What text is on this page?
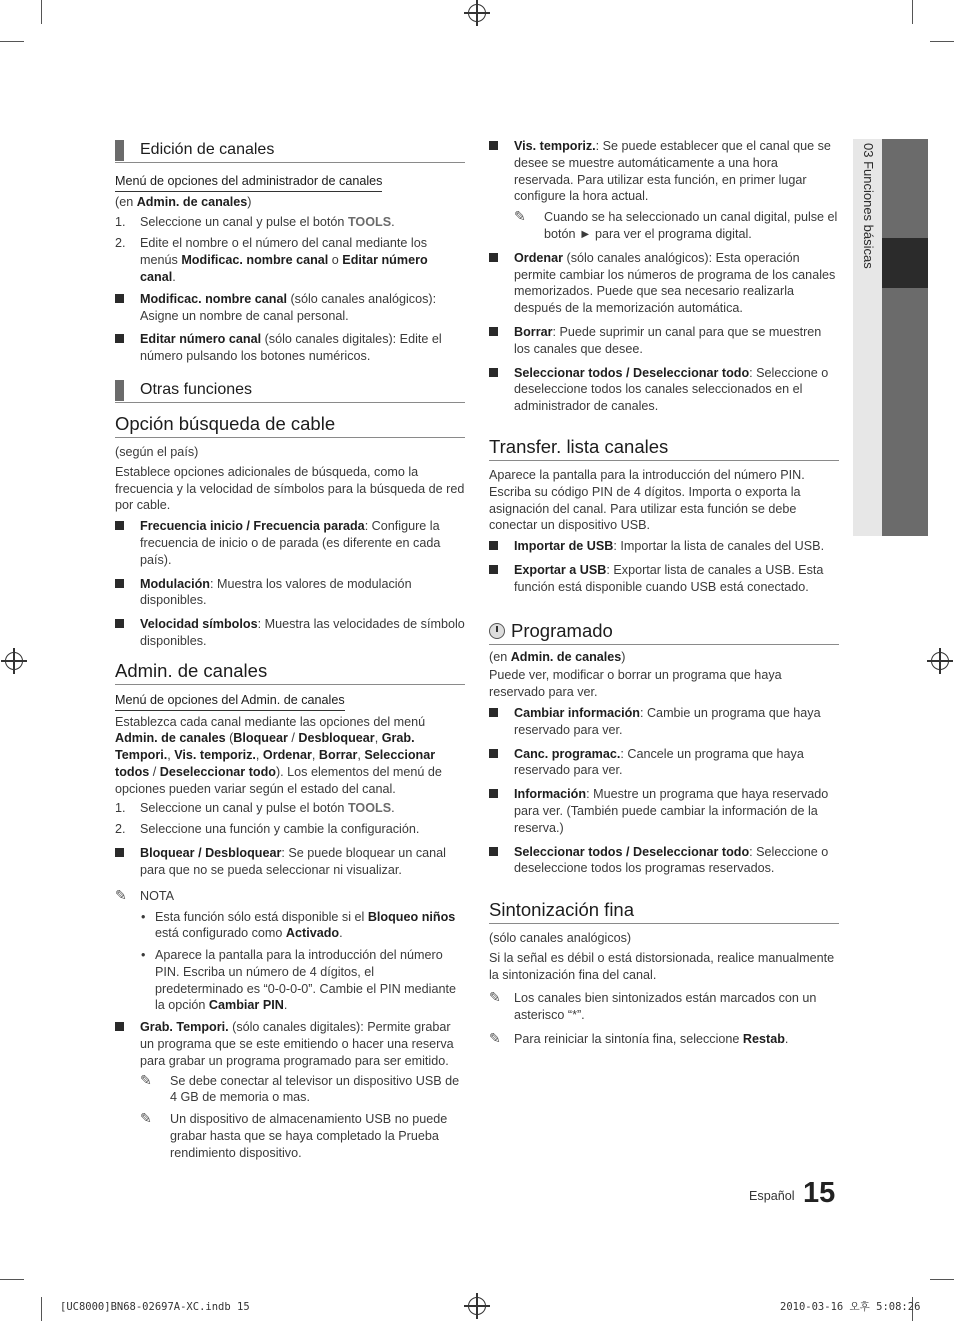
03 Funciones básicas
Edición de canales
Menú de opciones del administrador de canales

(en Admin. de canales)

1. Seleccione un canal y pulse el botón TOOLS.
2. Edite el nombre o el número del canal mediante los menús Modificac. nombre canal o Editar número canal.
Modificac. nombre canal (sólo canales analógicos): Asigne un nombre de canal personal.
Editar número canal (sólo canales digitales): Edite el número pulsando los botones numéricos.
Otras funciones
Opción búsqueda de cable

(según el país)

Establece opciones adicionales de búsqueda, como la frecuencia y la velocidad de símbolos para la búsqueda de red por cable.

Frecuencia inicio / Frecuencia parada: Configure la frecuencia de inicio o de parada (es diferente en cada país).
Modulación: Muestra los valores de modulación disponibles.
Velocidad símbolos: Muestra las velocidades de símbolo disponibles.
Admin. de canales
Menú de opciones del Admin. de canales

Establezca cada canal mediante las opciones del menú Admin. de canales (Bloquear / Desbloquear, Grab. Tempori., Vis. temporiz., Ordenar, Borrar, Seleccionar todos / Deseleccionar todo). Los elementos del menú de opciones pueden variar según el estado del canal.

1. Seleccione un canal y pulse el botón TOOLS.
2. Seleccione una función y cambie la configuración.
Bloquear / Desbloquear: Se puede bloquear un canal para que no se pueda seleccionar ni visualizar.
✎ NOTA
• Esta función sólo está disponible si el Bloqueo niños está configurado como Activado.
• Aparece la pantalla para la introducción del número PIN. Escriba un número de 4 dígitos, el predeterminado es “0-0-0-0”. Cambie el PIN mediante la opción Cambiar PIN.
Grab. Tempori. (sólo canales digitales): Permite grabar un programa que se este emitiendo o hacer una reserva para grabar un programa programado para ser emitido.
✎ Se debe conectar al televisor un dispositivo USB de 4 GB de memoria o mas.
✎ Un dispositivo de almacenamiento USB no puede grabar hasta que se haya completado la Prueba rendimiento dispositivo.
Vis. temporiz.: Se puede establecer que el canal que se desee se muestre automáticamente a una hora reservada. Para utilizar esta función, en primer lugar configure la hora actual.
✎ Cuando se ha seleccionado un canal digital, pulse el botón ► para ver el programa digital.
Ordenar (sólo canales analógicos): Esta operación permite cambiar los números de programa de los canales memorizados. Puede que sea necesario realizarla después de la memorización automática.
Borrar: Puede suprimir un canal para que se muestren los canales que desee.
Seleccionar todos / Deseleccionar todo: Seleccione o deseleccione todos los canales seleccionados en el administrador de canales.
Transfer. lista canales

Aparece la pantalla para la introducción del número PIN. Escriba su código PIN de 4 dígitos. Importa o exporta la asignación del canal. Para utilizar esta función se debe conectar un dispositivo USB.

Importar de USB: Importar la lista de canales del USB.
Exportar a USB: Exportar lista de canales a USB. Esta función está disponible cuando USB está conectado.
Programado

(en Admin. de canales)

Puede ver, modificar o borrar un programa que haya reservado para ver.

Cambiar información: Cambie un programa que haya reservado para ver.
Canc. programac.: Cancele un programa que haya reservado para ver.
Información: Muestre un programa que haya reservado para ver. (También puede cambiar la información de la reserva.)
Seleccionar todos / Deseleccionar todo: Seleccione o deseleccione todos los programas reservados.
Sintonización fina

(sólo canales analógicos)

Si la señal es débil o está distorsionada, realice manualmente la sintonización fina del canal.

✎ Los canales bien sintonizados están marcados con un asterisco “*”.
✎ Para reiniciar la sintonía fina, seleccione Restab.
Español 15
[UC8000]BN68-02697A-XC.indb 15	2010-03-16 오후 5:08:26
